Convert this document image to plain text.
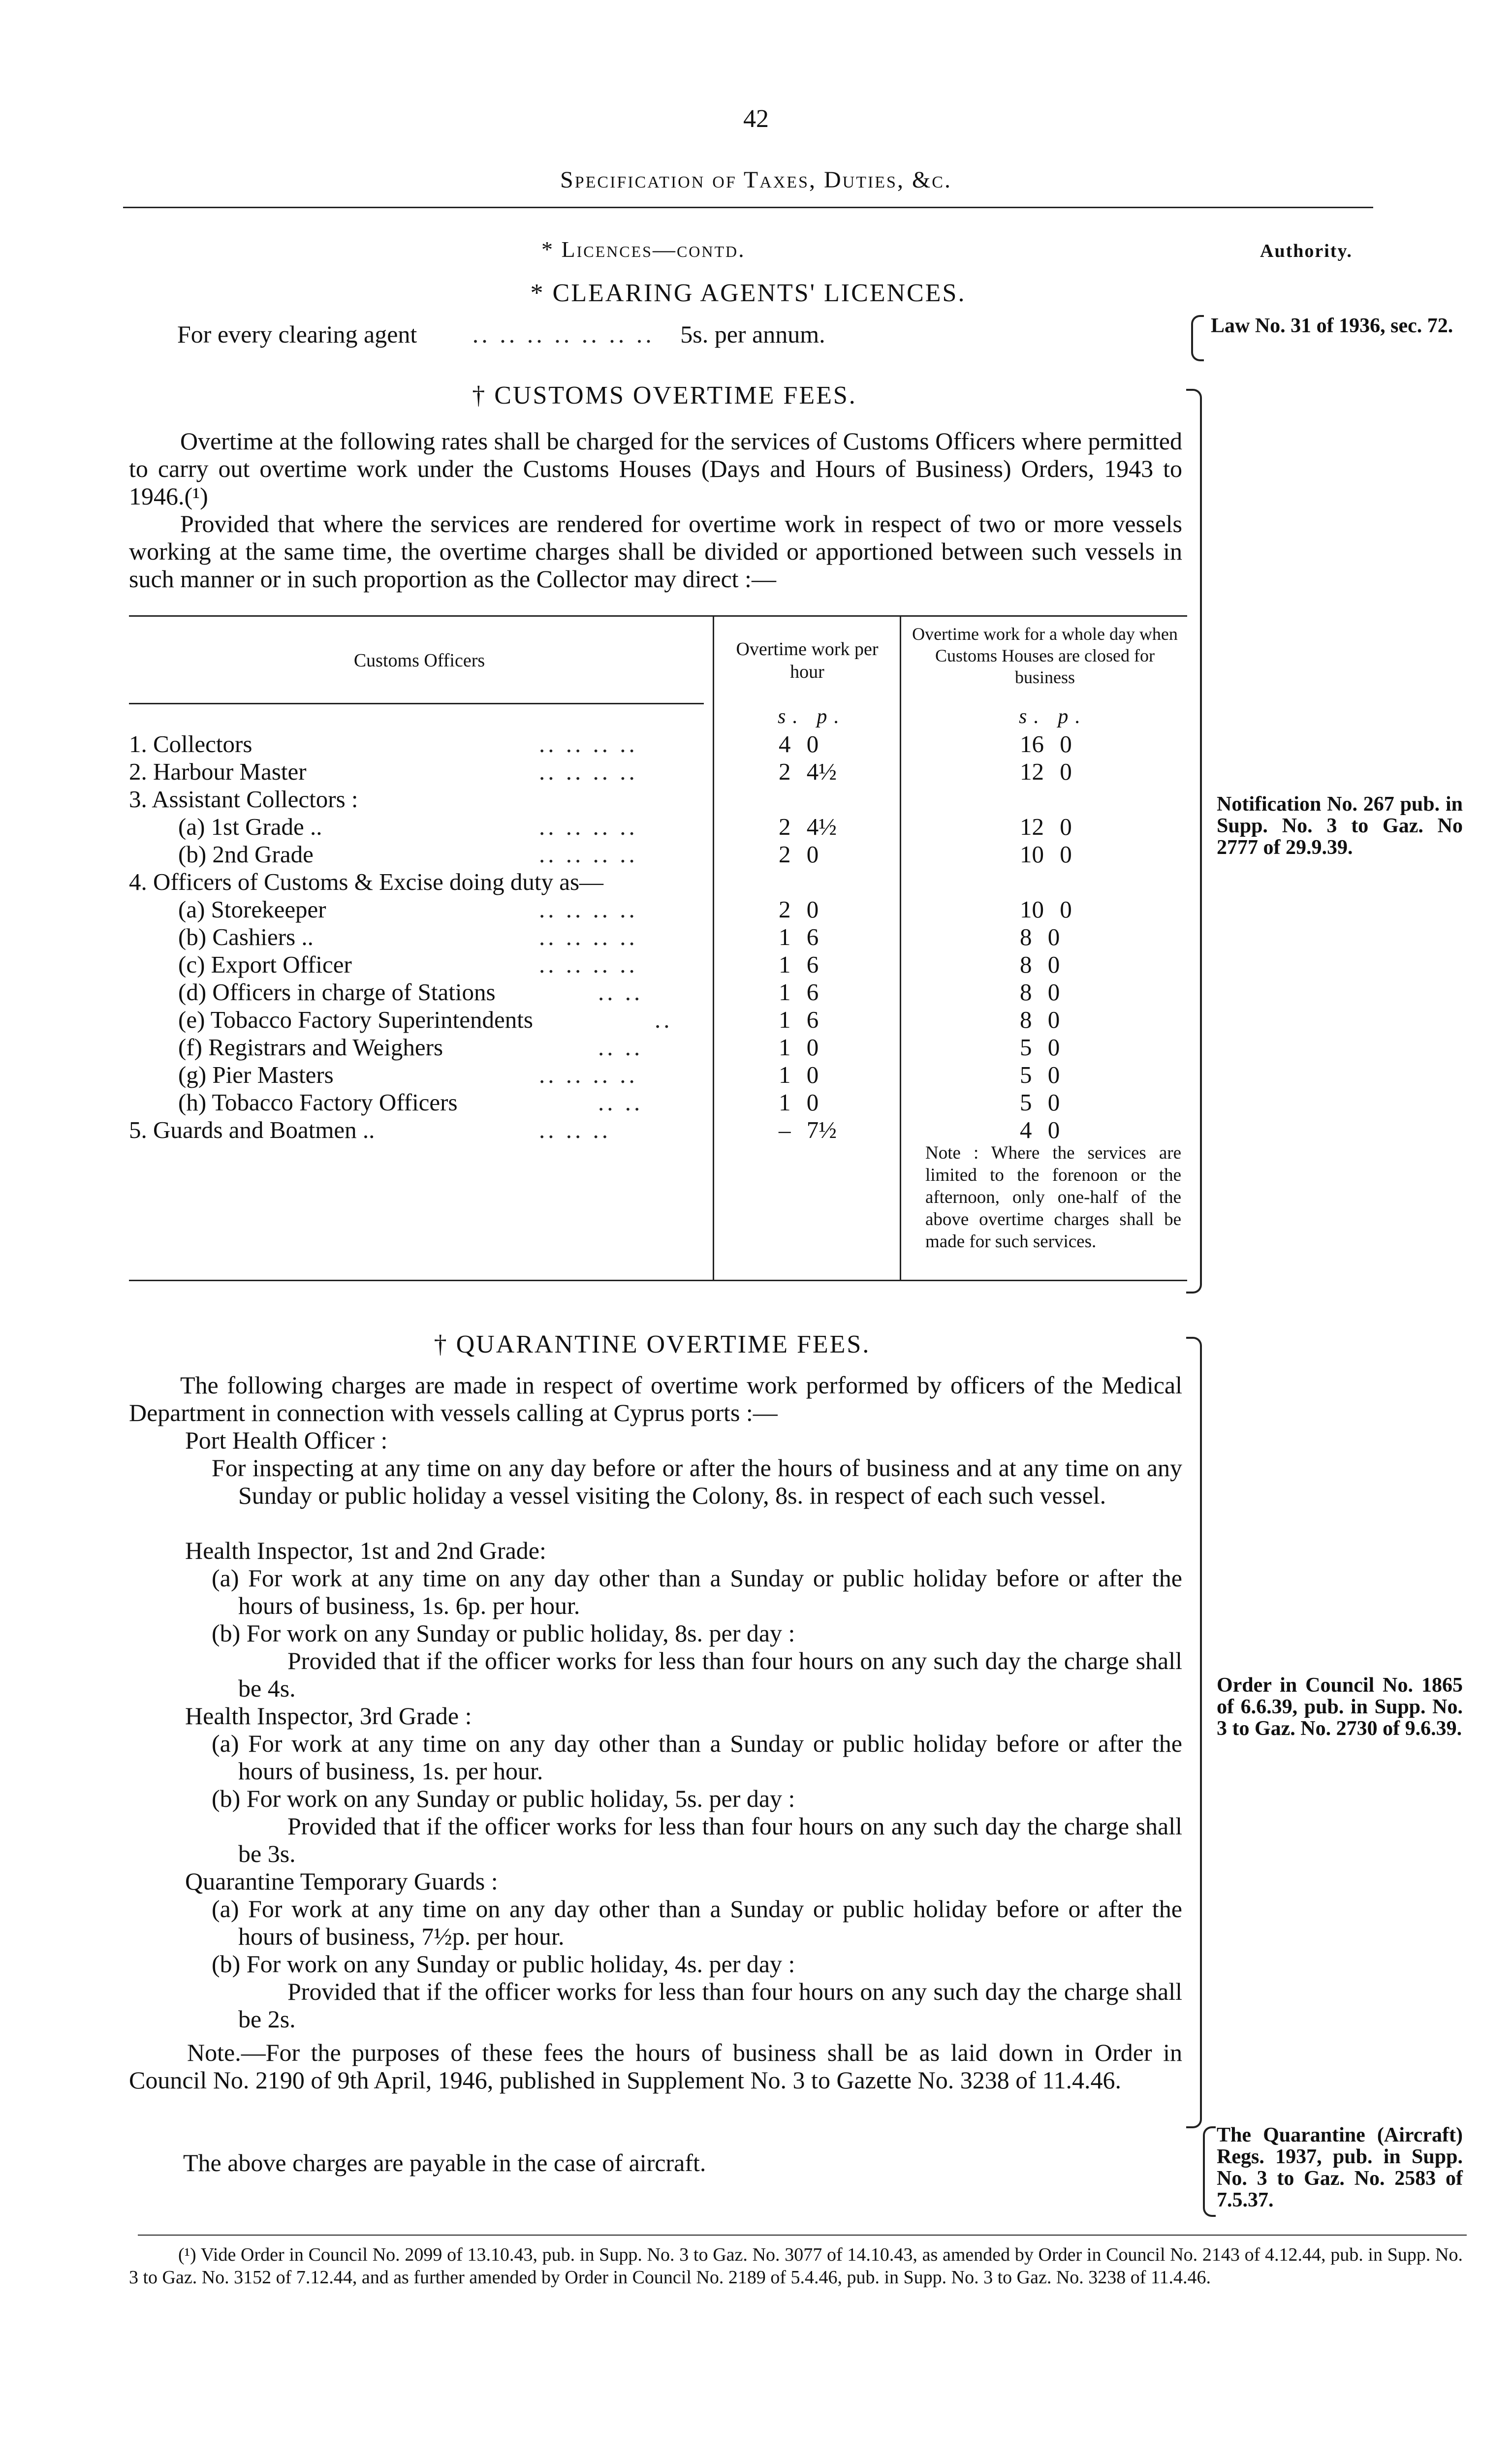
42
Specification of Taxes, Duties, &c.
* Licences—contd.	Authority.
* CLEARING AGENTS' LICENCES.
For every clearing agent .. .. .. .. .. .. .. 5s. per annum.	Law No. 31 of 1936, sec. 72.
† CUSTOMS OVERTIME FEES.
Overtime at the following rates shall be charged for the services of Customs Officers where permitted to carry out overtime work under the Customs Houses (Days and Hours of Business) Orders, 1943 to 1946.(¹)
Provided that where the services are rendered for overtime work in respect of two or more vessels working at the same time, the overtime charges shall be divided or apportioned between such vessels in such manner or in such proportion as the Collector may direct :—
Notification No. 267 pub. in Supp. No. 3 to Gaz. No 2777 of 29.9.39.
Customs Officers
Overtime work per hour
Overtime work for a whole day when Customs Houses are closed for business
s. p.	s. p.
1. Collectors	.. .. .. ..	4 0	16 0
2. Harbour Master	.. .. .. ..	2 4½	12 0
3. Assistant Collectors :
(a) 1st Grade ..	.. .. .. ..	2 4½	12 0
(b) 2nd Grade	.. .. .. ..	2 0	10 0
4. Officers of Customs & Excise doing duty as—
(a) Storekeeper	.. .. .. ..	2 0	10 0
(b) Cashiers ..	.. .. .. ..	1 6	8 0
(c) Export Officer	.. .. .. ..	1 6	8 0
(d) Officers in charge of Stations	.. ..	1 6	8 0
(e) Tobacco Factory Superintendents	..	1 6	8 0
(f) Registrars and Weighers	.. ..	1 0	5 0
(g) Pier Masters	.. .. .. ..	1 0	5 0
(h) Tobacco Factory Officers	.. ..	1 0	5 0
5. Guards and Boatmen ..	.. .. ..	– 7½	4 0
Note : Where the services are limited to the forenoon or the afternoon, only one-half of the above overtime charges shall be made for such services.
† QUARANTINE OVERTIME FEES.
Order in Council No. 1865 of 6.6.39, pub. in Supp. No. 3 to Gaz. No. 2730 of 9.6.39.
The following charges are made in respect of overtime work performed by officers of the Medical Department in connection with vessels calling at Cyprus ports :—
Port Health Officer :
For inspecting at any time on any day before or after the hours of business and at any time on any Sunday or public holiday a vessel visiting the Colony, 8s. in respect of each such vessel.
Health Inspector, 1st and 2nd Grade:
(a) For work at any time on any day other than a Sunday or public holiday before or after the hours of business, 1s. 6p. per hour.
(b) For work on any Sunday or public holiday, 8s. per day :
Provided that if the officer works for less than four hours on any such day the charge shall be 4s.
Health Inspector, 3rd Grade :
(a) For work at any time on any day other than a Sunday or public holiday before or after the hours of business, 1s. per hour.
(b) For work on any Sunday or public holiday, 5s. per day :
Provided that if the officer works for less than four hours on any such day the charge shall be 3s.
Quarantine Temporary Guards :
(a) For work at any time on any day other than a Sunday or public holiday before or after the hours of business, 7½p. per hour.
(b) For work on any Sunday or public holiday, 4s. per day :
Provided that if the officer works for less than four hours on any such day the charge shall be 2s.
Note.—For the purposes of these fees the hours of business shall be as laid down in Order in Council No. 2190 of 9th April, 1946, published in Supplement No. 3 to Gazette No. 3238 of 11.4.46.
The above charges are payable in the case of aircraft.
The Quarantine (Aircraft) Regs. 1937, pub. in Supp. No. 3 to Gaz. No. 2583 of 7.5.37.
(¹) Vide Order in Council No. 2099 of 13.10.43, pub. in Supp. No. 3 to Gaz. No. 3077 of 14.10.43, as amended by Order in Council No. 2143 of 4.12.44, pub. in Supp. No. 3 to Gaz. No. 3152 of 7.12.44, and as further amended by Order in Council No. 2189 of 5.4.46, pub. in Supp. No. 3 to Gaz. No. 3238 of 11.4.46.
